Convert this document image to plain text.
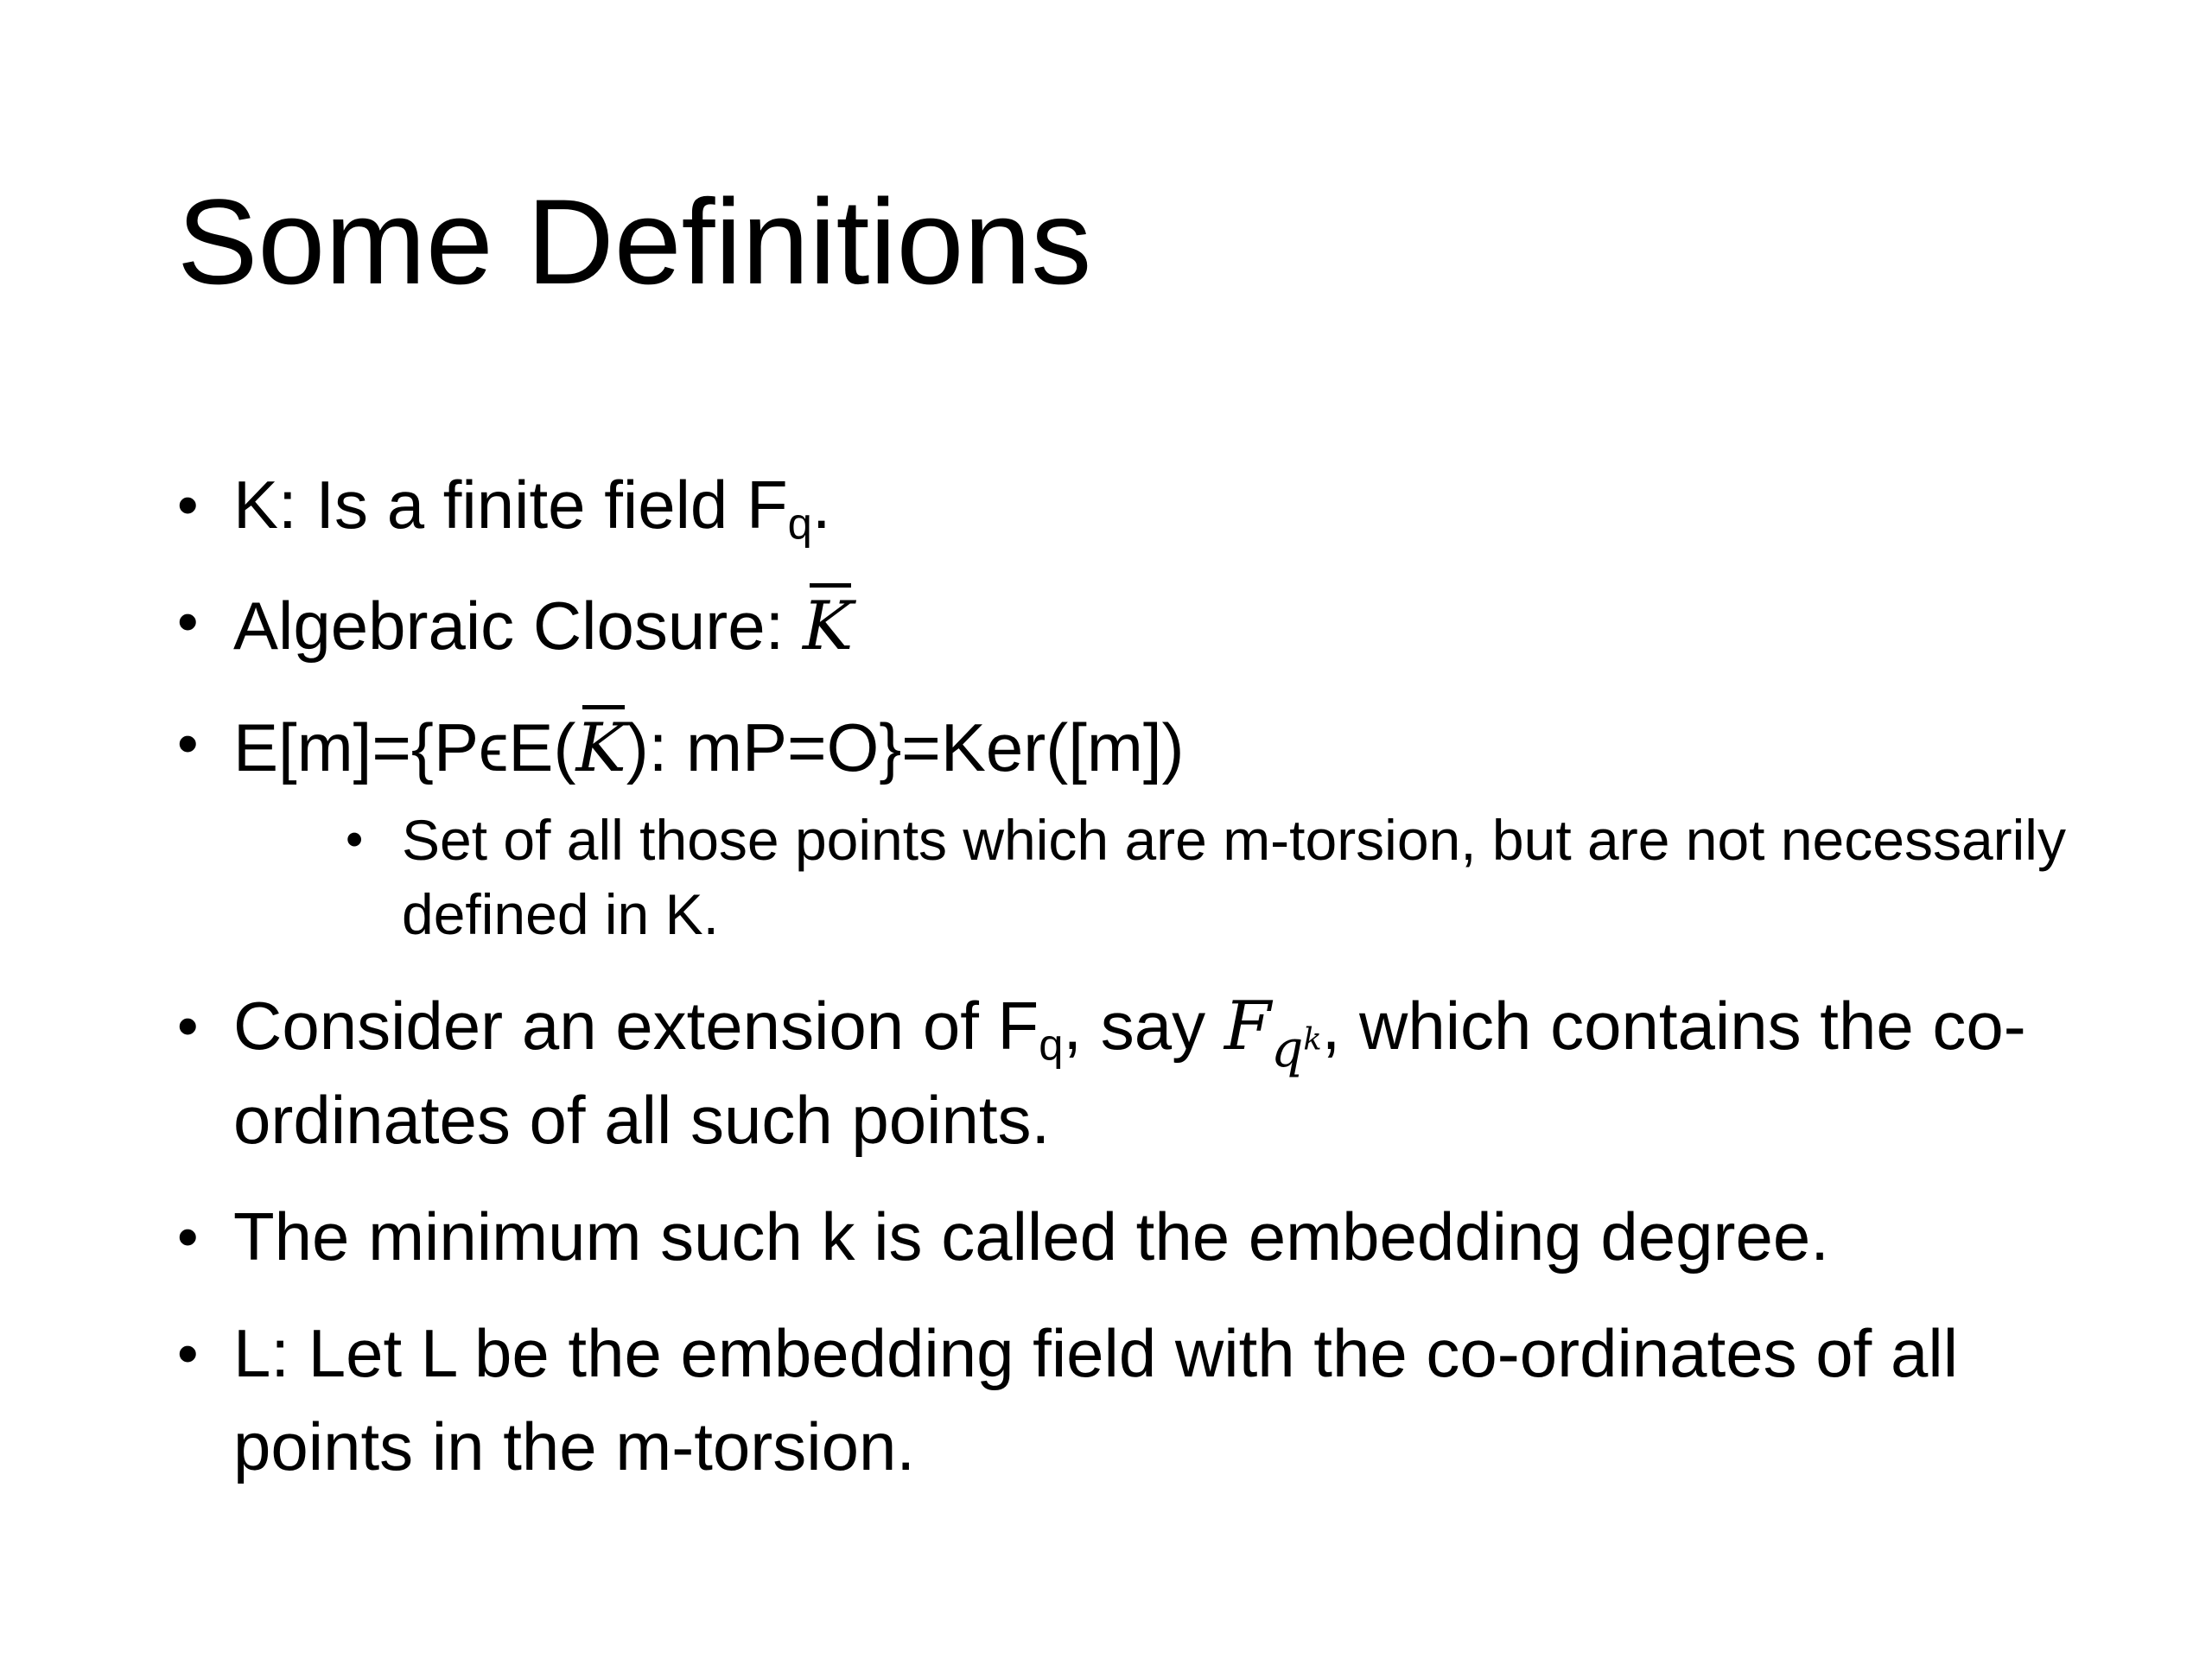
Some Definitions
• K: Is a finite field $F_q$.
• Algebraic Closure: K
• E[m]={PϵE(K): mP=O}=Ker([m])
• Set of all those points which are m-torsion, but are not necessarily defined in K.
• Consider an extension of $F_q$, say $F_{q^k}$, which contains the co-ordinates of all such points.
• The minimum such k is called the embedding degree.
• L: Let L be the embedding field with the co-ordinates of all points in the m-torsion.
